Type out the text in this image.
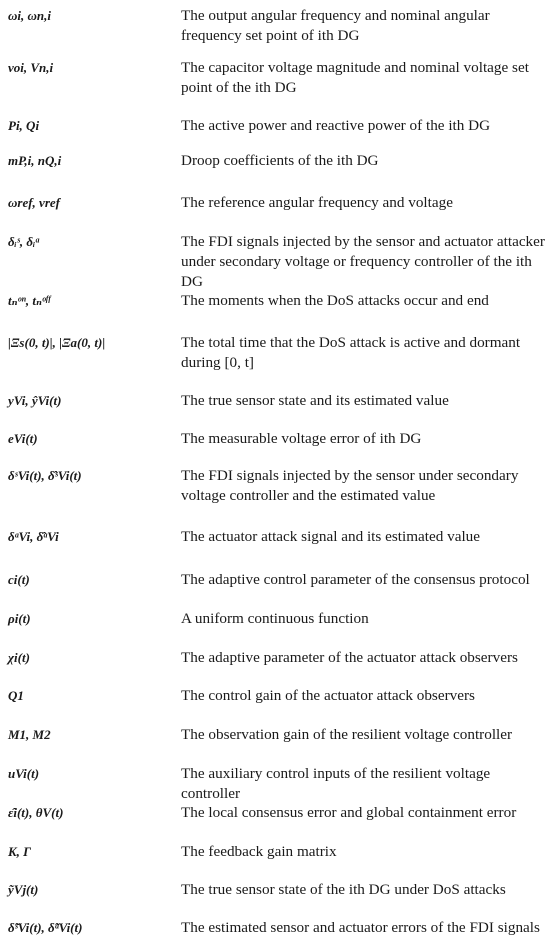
ωi, ωn,i	The output angular frequency and nominal angular frequency set point of ith DG
voi, Vn,i	The capacitor voltage magnitude and nominal voltage set point of the ith DG
Pi, Qi	The active power and reactive power of the ith DG
mP,i, nQ,i	Droop coefficients of the ith DG
ωref, vref	The reference angular frequency and voltage
δᵢˢ, δᵢᵃ	The FDI signals injected by the sensor and actuator attacker under secondary voltage or frequency controller of the ith DG
tₙᵒⁿ, tₙᵒᶠᶠ	The moments when the DoS attacks occur and end
|Ξs(0, t)|, |Ξa(0, t)|	The total time that the DoS attack is active and dormant during [0, t]
yVi, ŷVi(t)	The true sensor state and its estimated value
eVi(t)	The measurable voltage error of ith DG
δˢVi(t), δ̂ˢVi(t)	The FDI signals injected by the sensor under secondary voltage controller and the estimated value
δᵃVi, δ̂ᵃVi	The actuator attack signal and its estimated value
ci(t)	The adaptive control parameter of the consensus protocol
ρi(t)	A uniform continuous function
χi(t)	The adaptive parameter of the actuator attack observers
Q1	The control gain of the actuator attack observers
M1, M2	The observation gain of the resilient voltage controller
uVi(t)	The auxiliary control inputs of the resilient voltage controller
ε̂i(t), θV(t)	The local consensus error and global containment error
K, Γ	The feedback gain matrix
ỹVj(t)	The true sensor state of the ith DG under DoS attacks
δ̃ˢVi(t), δ̃ᵃVi(t)	The estimated sensor and actuator errors of the FDI signals
